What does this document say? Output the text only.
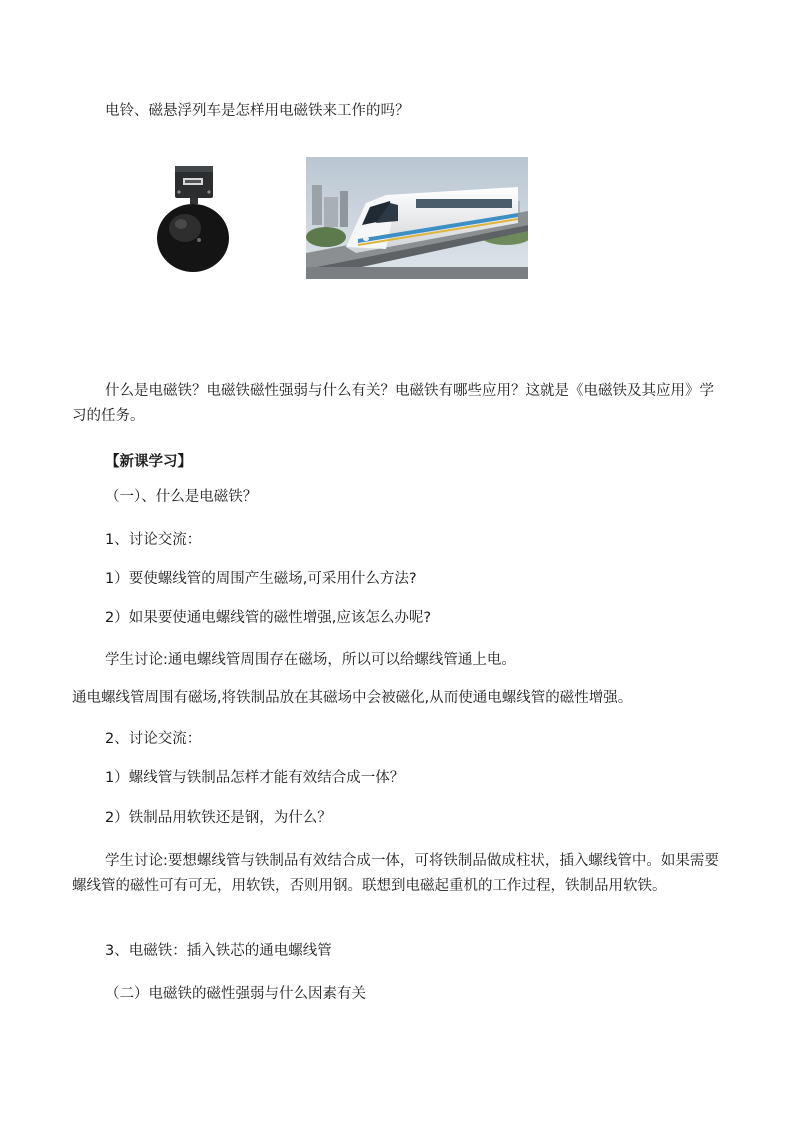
电铃、磁悬浮列车是怎样用电磁铁来工作的吗？
什么是电磁铁？电磁铁磁性强弱与什么有关？电磁铁有哪些应用？这就是《电磁铁及其应用》学习的任务。
【新课学习】
（一）、什么是电磁铁？
1、讨论交流：
1）要使螺线管的周围产生磁场,可采用什么方法?
2）如果要使通电螺线管的磁性增强,应该怎么办呢?
学生讨论:通电螺线管周围存在磁场，所以可以给螺线管通上电。
通电螺线管周围有磁场,将铁制品放在其磁场中会被磁化,从而使通电螺线管的磁性增强。
2、讨论交流：
1）螺线管与铁制品怎样才能有效结合成一体？
2）铁制品用软铁还是钢，为什么？
学生讨论:要想螺线管与铁制品有效结合成一体，可将铁制品做成柱状，插入螺线管中。如果需要螺线管的磁性可有可无，用软铁，否则用钢。联想到电磁起重机的工作过程，铁制品用软铁。
3、电磁铁：插入铁芯的通电螺线管
（二）电磁铁的磁性强弱与什么因素有关
